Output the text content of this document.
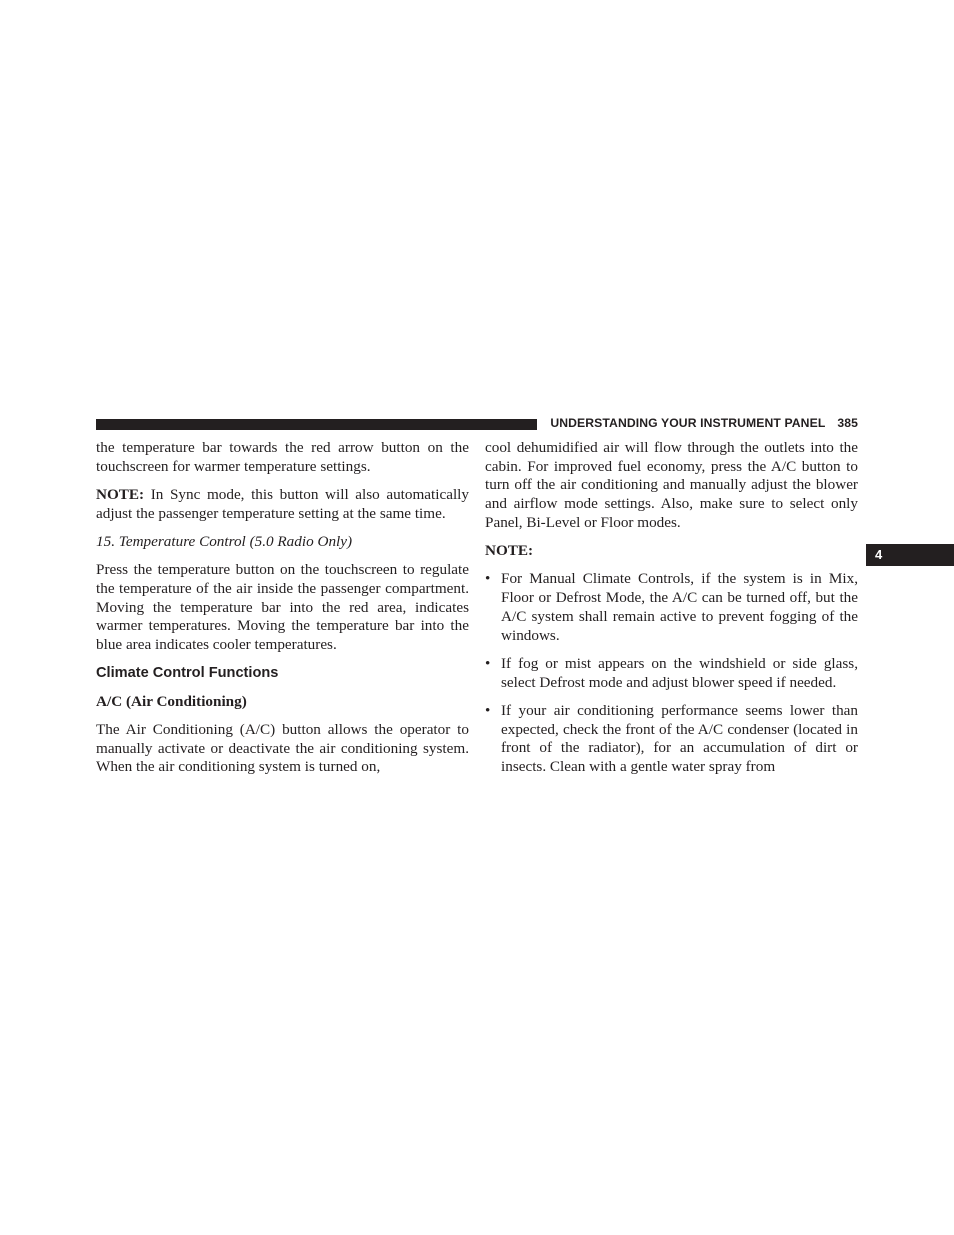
UNDERSTANDING YOUR INSTRUMENT PANEL 385
4

the temperature bar towards the red arrow button on the touchscreen for warmer temperature settings.

NOTE: In Sync mode, this button will also automatically adjust the passenger temperature setting at the same time.

15. Temperature Control (5.0 Radio Only)

Press the temperature button on the touchscreen to regulate the temperature of the air inside the passenger compartment. Moving the temperature bar into the red area, indicates warmer temperatures. Moving the temperature bar into the blue area indicates cooler temperatures.

Climate Control Functions

A/C (Air Conditioning)

The Air Conditioning (A/C) button allows the operator to manually activate or deactivate the air conditioning system. When the air conditioning system is turned on,

cool dehumidified air will flow through the outlets into the cabin. For improved fuel economy, press the A/C button to turn off the air conditioning and manually adjust the blower and airflow mode settings. Also, make sure to select only Panel, Bi-Level or Floor modes.

NOTE:

• For Manual Climate Controls, if the system is in Mix, Floor or Defrost Mode, the A/C can be turned off, but the A/C system shall remain active to prevent fogging of the windows.
• If fog or mist appears on the windshield or side glass, select Defrost mode and adjust blower speed if needed.
• If your air conditioning performance seems lower than expected, check the front of the A/C condenser (located in front of the radiator), for an accumulation of dirt or insects. Clean with a gentle water spray from
